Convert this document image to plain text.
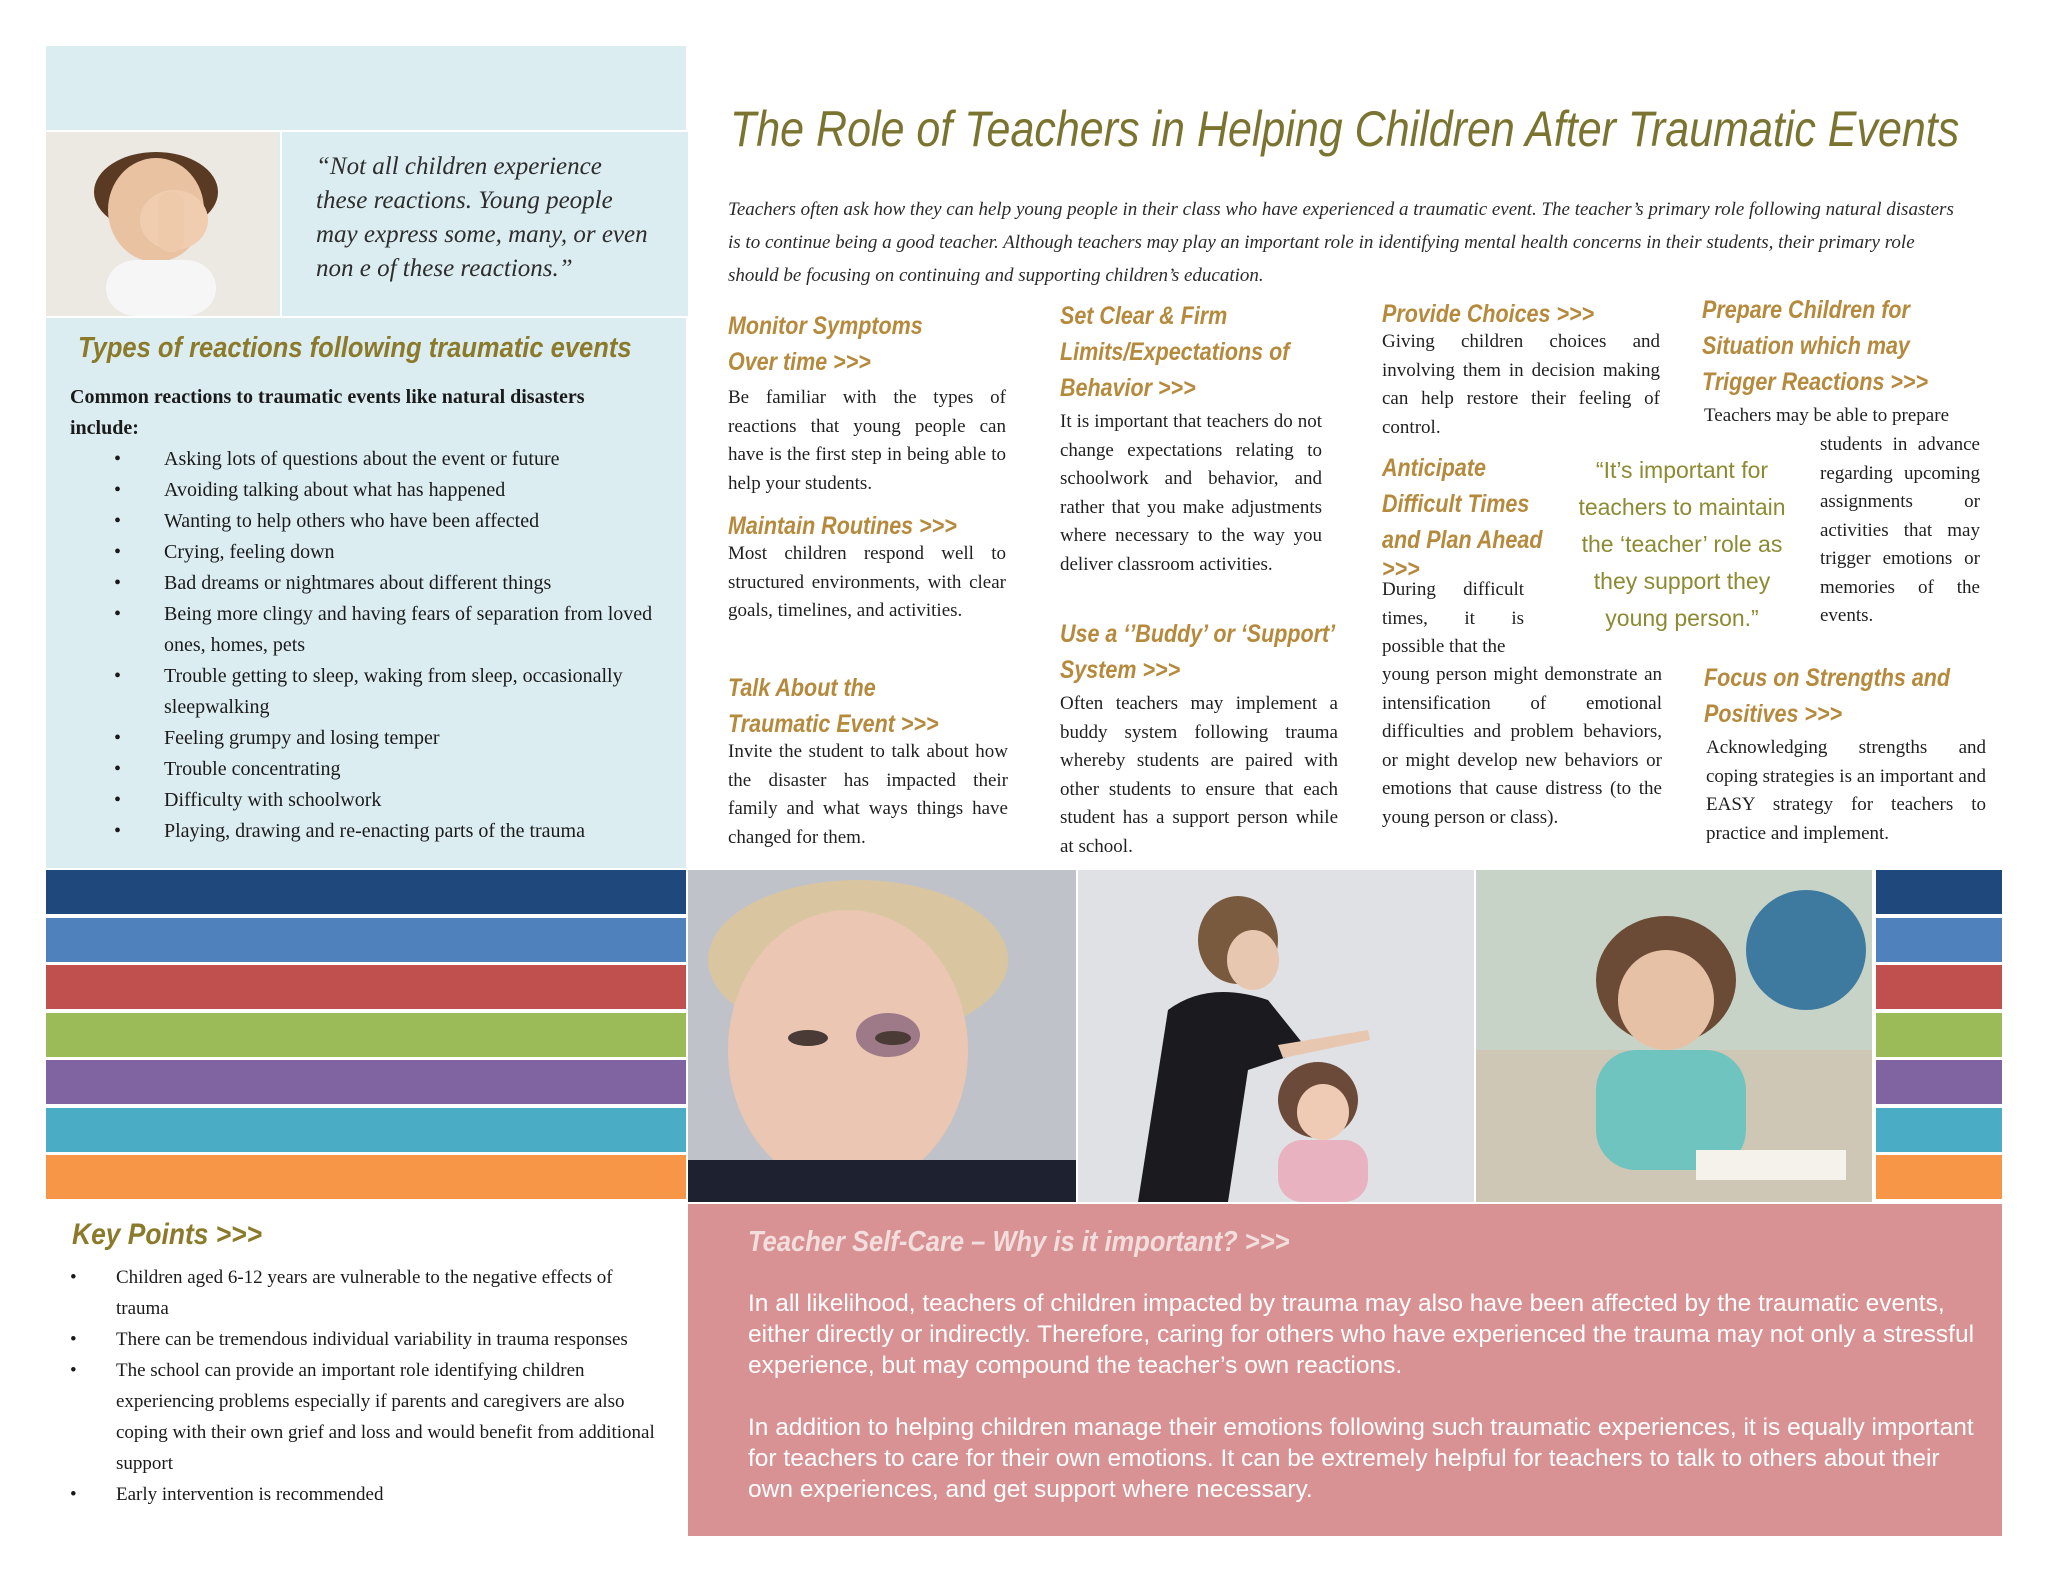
“Not all children experience these reactions. Young people may express some, many, or even non e of these reactions.”
Types of reactions following traumatic events
Common reactions to traumatic events like natural disasters include:
• Asking lots of questions about the event or future
• Avoiding talking about what has happened
• Wanting to help others who have been affected
• Crying, feeling down
• Bad dreams or nightmares about different things
• Being more clingy and having fears of separation from loved ones, homes, pets
• Trouble getting to sleep, waking from sleep, occasionally sleepwalking
• Feeling grumpy and losing temper
• Trouble concentrating
• Difficulty with schoolwork
• Playing, drawing and re-enacting parts of the trauma
The Role of Teachers in Helping Children After Traumatic Events
Teachers often ask how they can help young people in their class who have experienced a traumatic event. The teacher’s primary role following natural disasters is to continue being a good teacher. Although teachers may play an important role in identifying mental health concerns in their students, their primary role should be focusing on continuing and supporting children’s education.
Monitor Symptoms
Over time >>>
Be familiar with the types of reactions that young people can have is the first step in being able to help your students.
Maintain Routines >>>
Most children respond well to structured environments, with clear goals, timelines, and activities.
Talk About the
Traumatic Event >>>
Invite the student to talk about how the disaster has impacted their family and what ways things have changed for them.
Set Clear & Firm
Limits/Expectations of
Behavior >>>
It is important that teachers do not change expectations relating to schoolwork and behavior, and rather that you make adjustments where necessary to the way you deliver classroom activities.
Use a ‘’Buddy’ or ‘Support’
System >>>
Often teachers may implement a buddy system following trauma whereby students are paired with other students to ensure that each student has a support person while at school.
Provide Choices >>>
Giving children choices and involving them in decision making can help restore their feeling of control.
Anticipate
Difficult Times
and Plan Ahead
>>>
During difficult times, it is possible that the
young person might demonstrate an intensification of emotional difficulties and problem behaviors, or might develop new behaviors or emotions that cause distress (to the young person or class).
“It’s important for teachers to maintain the ‘teacher’ role as they support they young person.”
Prepare Children for
Situation which may
Trigger Reactions >>>
Teachers may be able to prepare
students in advance regarding upcoming assignments or activities that may trigger emotions or memories of the events.
Focus on Strengths and
Positives >>>
Acknowledging strengths and coping strategies is an important and EASY strategy for teachers to practice and implement.
Key Points >>>
• Children aged 6-12 years are vulnerable to the negative effects of trauma
• There can be tremendous individual variability in trauma responses
• The school can provide an important role identifying children experiencing problems especially if parents and caregivers are also coping with their own grief and loss and would benefit from additional support
• Early intervention is recommended
Teacher Self-Care – Why is it important? >>>
In all likelihood, teachers of children impacted by trauma may also have been affected by the traumatic events, either directly or indirectly. Therefore, caring for others who have experienced the trauma may not only a stressful experience, but may compound the teacher’s own reactions.
In addition to helping children manage their emotions following such traumatic experiences, it is equally important for teachers to care for their own emotions. It can be extremely helpful for teachers to talk to others about their own experiences, and get support where necessary.
